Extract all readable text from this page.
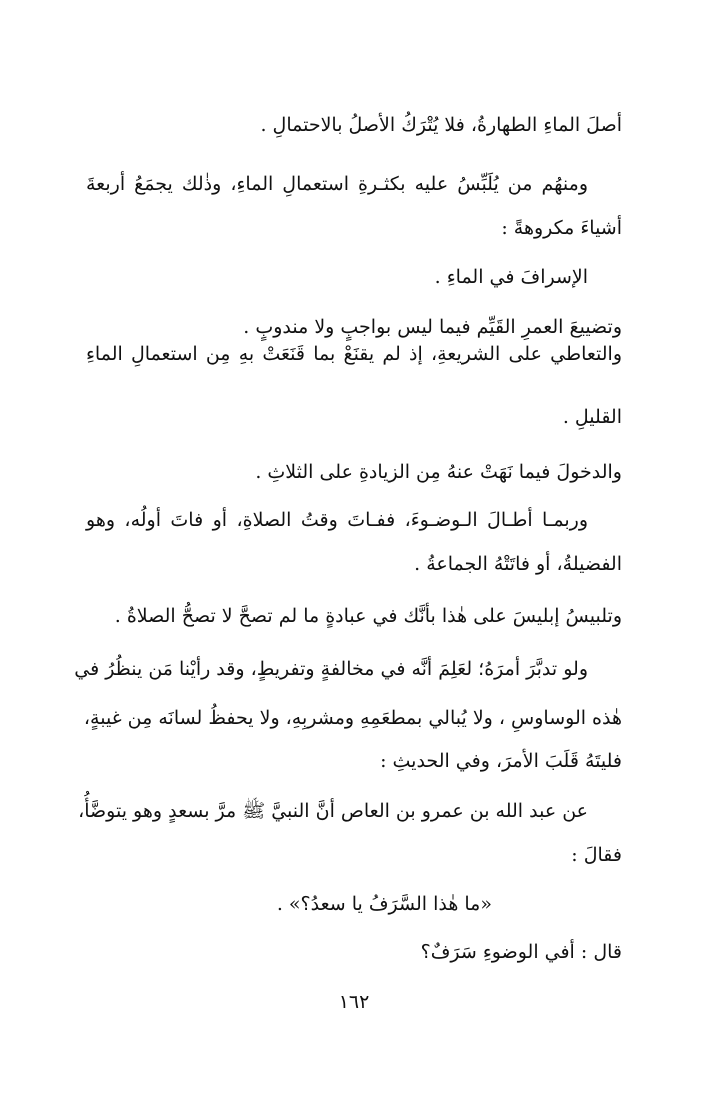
أصلَ الماءِ الطهارةُ، فلا يُتْرَكُ الأصلُ بالاحتمالِ .
ومنهُم من يُلَبِّسُ عليه بكثـرةِ استعمالِ الماءِ، وذٰلك يجمَعُ أربعةَ
أشياءَ مكروهةً :
الإسرافَ في الماءِ .
وتضييعَ العمرِ القَيِّم فيما ليس بواجبٍ ولا مندوبٍ .
والتعاطي على الشريعةِ، إذ لم يقنَعْ بما قَنَعَتْ بهِ مِن استعمالِ الماءِ
القليلِ .
والدخولَ فيما نَهَتْ عنهُ مِن الزيادةِ على الثلاثِ .
وربمـا أطـالَ الـوضـوءَ، ففـاتَ وقتُ الصلاةِ، أو فاتَ أولُه، وهو
الفضيلةُ، أو فاتَتْهُ الجماعةُ .
وتلبيسُ إبليسَ على هٰذا بأنَّك في عبادةٍ ما لم تصحَّ لا تصحُّ الصلاةُ .
ولو تدبَّرَ أمرَهُ؛ لعَلِمَ أنَّه في مخالفةٍ وتفريطٍ، وقد رأيْنا مَن ينظُرُ في
هٰذه الوساوسِ ، ولا يُبالي بمطعَمِهِ ومشربِهِ، ولا يحفظُ لسانَه مِن غيبةٍ،
فليتَهُ قَلَبَ الأمرَ، وفي الحديثِ :
عن عبد الله بن عمرو بن العاص أنَّ النبيَّ ﷺ مرَّ بسعدٍ وهو يتوضَّأُ،
فقالَ :
«ما هٰذا السَّرَفُ يا سعدُ؟» .
قال : أفي الوضوءِ سَرَفٌ؟
١٦٢
